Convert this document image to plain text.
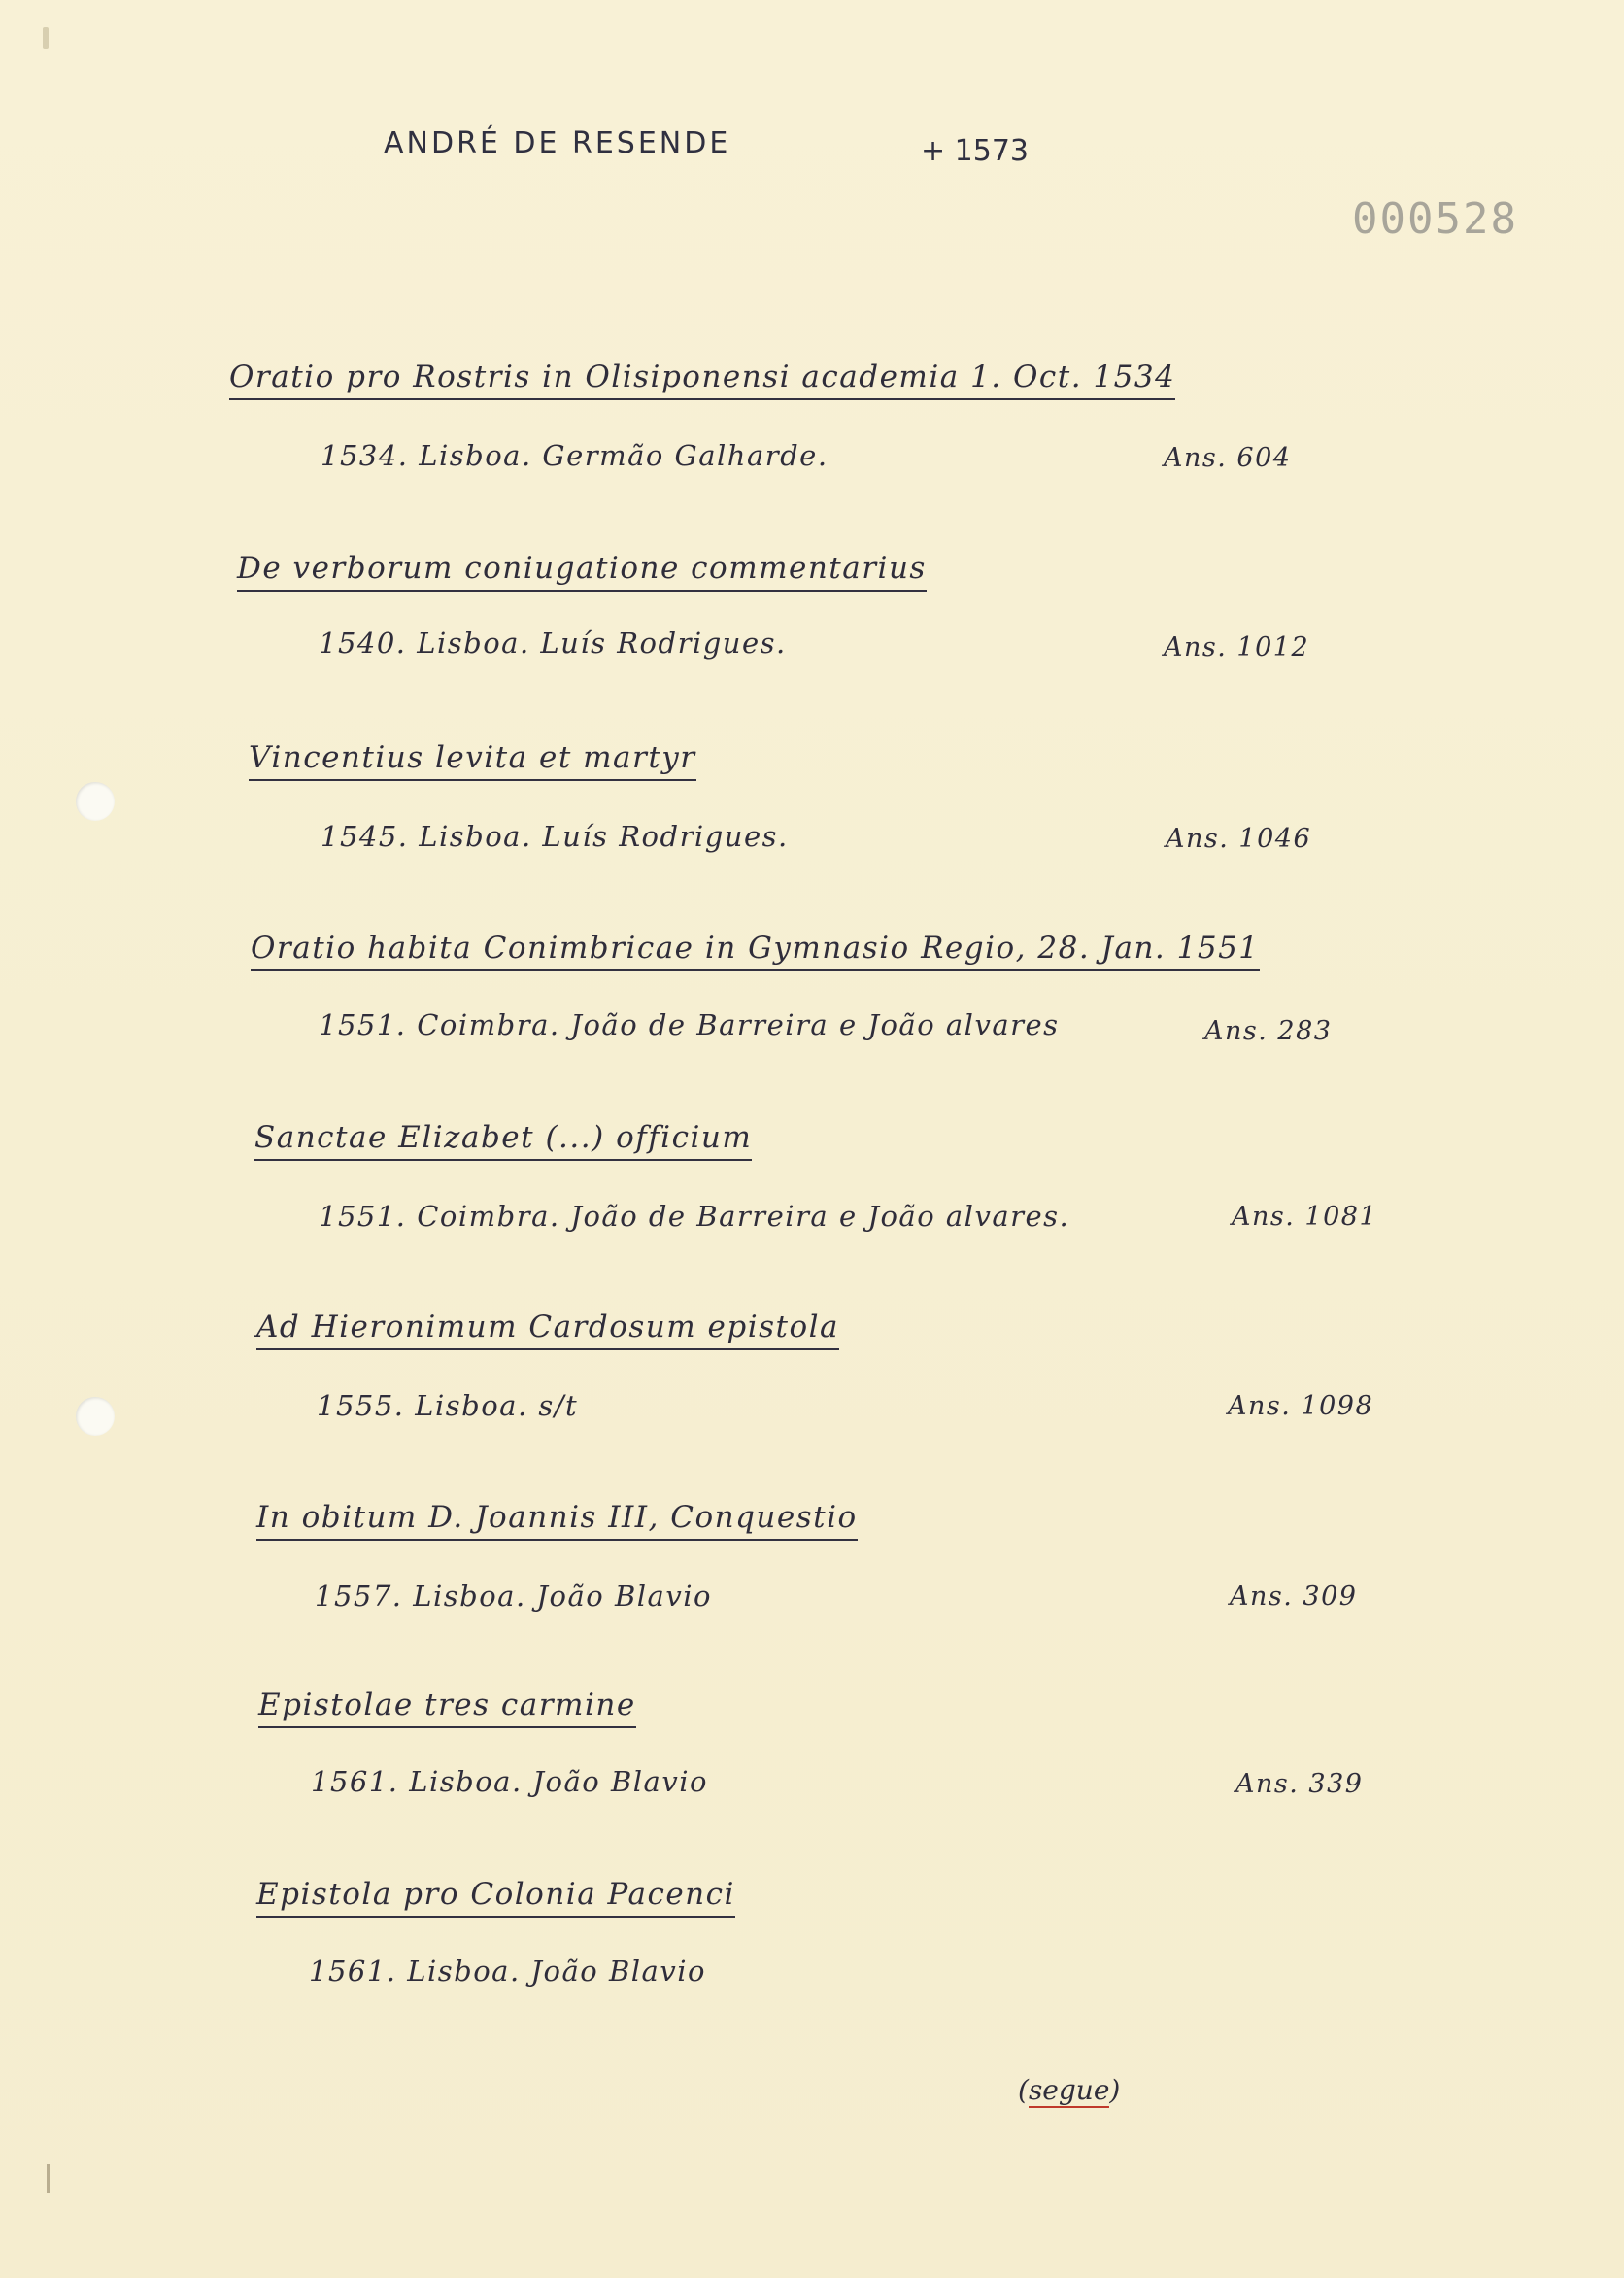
ANDRÉ DE RESENDE	+ 1573
000528
Oratio pro Rostris in Olisiponensi academia 1. Oct. 1534
1534. Lisboa. Germão Galharde.	Ans. 604
De verborum coniugatione commentarius
1540. Lisboa. Luís Rodrigues.	Ans. 1012
Vincentius levita et martyr
1545. Lisboa. Luís Rodrigues.	Ans. 1046
Oratio habita Conimbricae in Gymnasio Regio, 28. Jan. 1551
1551. Coimbra. João de Barreira e João alvares	Ans. 283
Sanctae Elizabet (...) officium
1551. Coimbra. João de Barreira e João alvares.	Ans. 1081
Ad Hieronimum Cardosum epistola
1555. Lisboa. s/t	Ans. 1098
In obitum D. Joannis III, Conquestio
1557. Lisboa. João Blavio	Ans. 309
Epistolae tres carmine
1561. Lisboa. João Blavio	Ans. 339
Epistola pro Colonia Pacenci
1561. Lisboa. João Blavio
(segue)
